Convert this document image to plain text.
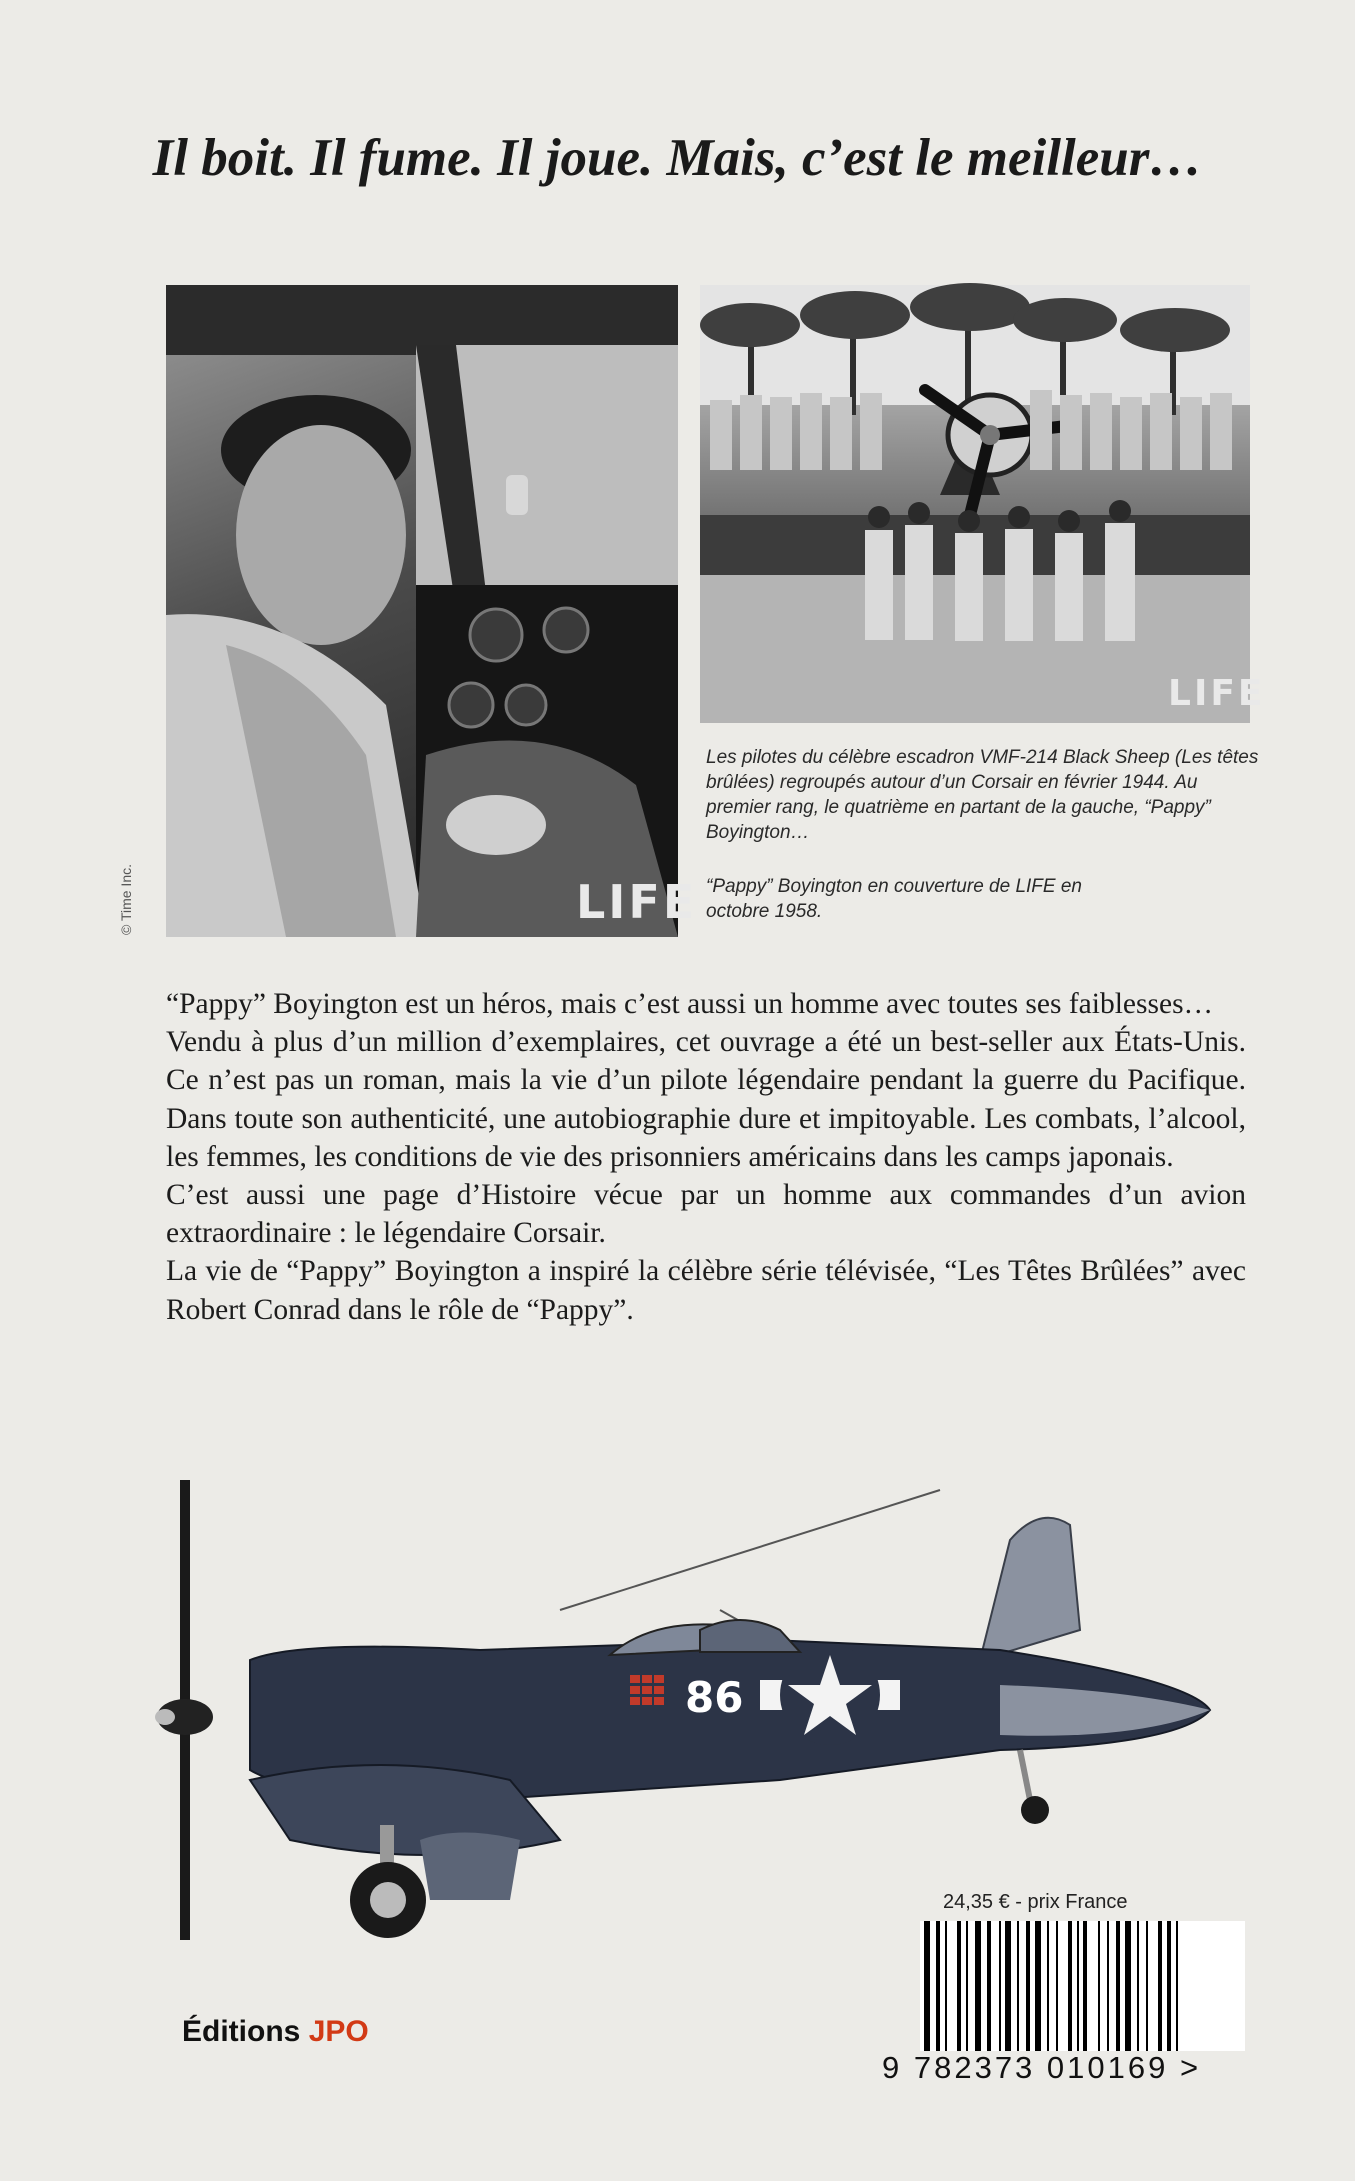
Il boit. Il fume. Il joue. Mais, c’est le meilleur…
LIFE
© Time Inc.
LIFE
Les pilotes du célèbre escadron VMF-214 Black Sheep (Les têtes brûlées) regroupés autour d’un Corsair en février 1944. Au premier rang, le quatrième en partant de la gauche, “Pappy” Boyington…
“Pappy” Boyington en couverture de LIFE en octobre 1958.

“Pappy” Boyington est un héros, mais c’est aussi un homme avec toutes ses faiblesses…

Vendu à plus d’un million d’exemplaires, cet ouvrage a été un best-seller aux États-Unis. Ce n’est pas un roman, mais la vie d’un pilote légendaire pendant la guerre du Pacifique. Dans toute son authenticité, une autobiographie dure et impitoyable. Les combats, l’alcool, les femmes, les conditions de vie des prisonniers américains dans les camps japonais.

C’est aussi une page d’Histoire vécue par un homme aux commandes d’un avion extraordinaire : le légendaire Corsair.

La vie de “Pappy” Boyington a inspiré la célèbre série télévisée, “Les Têtes Brûlées” avec Robert Conrad dans le rôle de “Pappy”.

86
24,35 € - prix France
9 782373 010169 >
Éditions JPO
